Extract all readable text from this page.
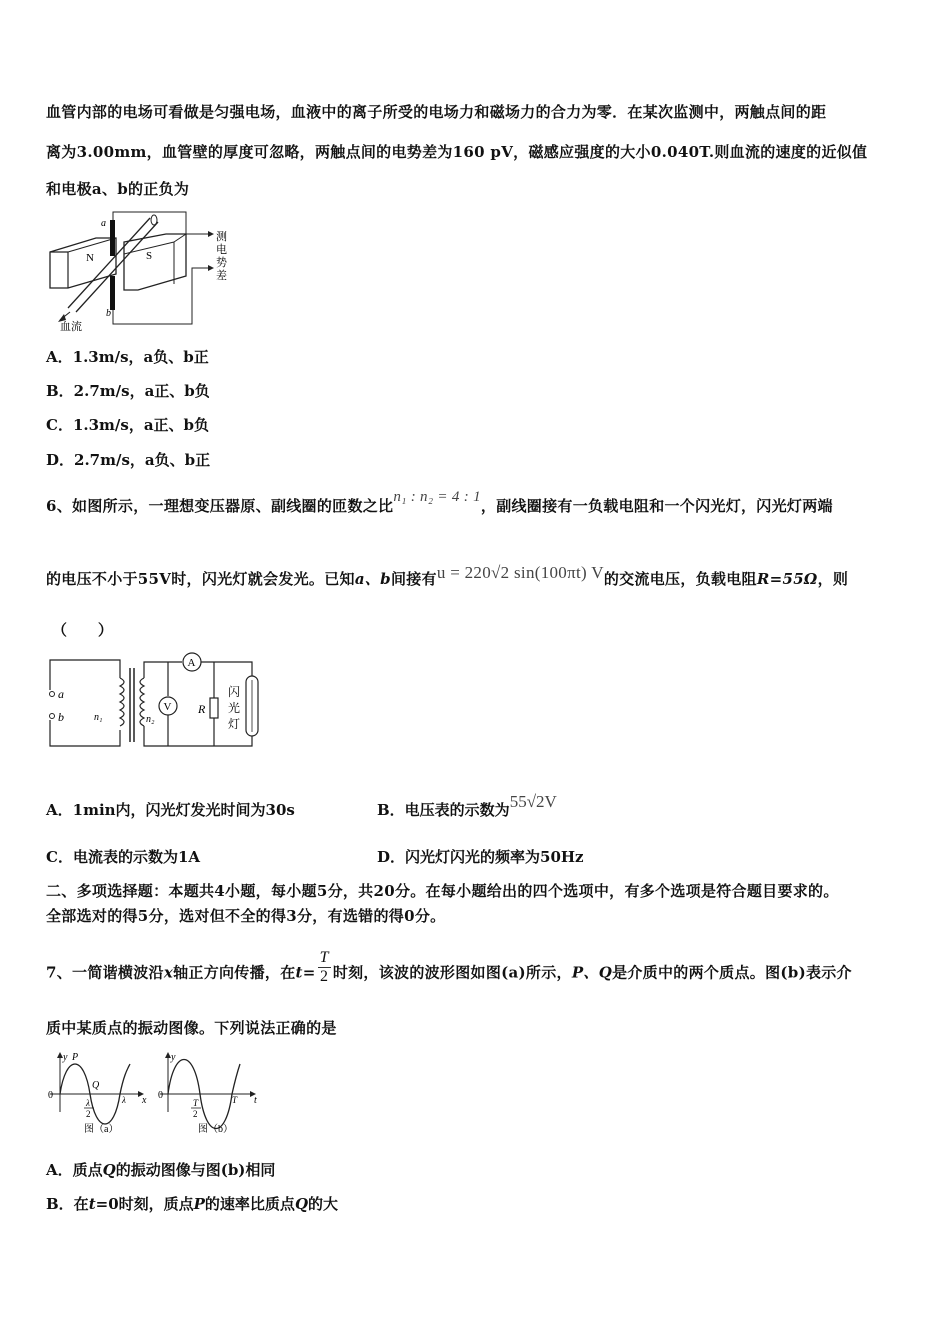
血管内部的电场可看做是匀强电场，血液中的离子所受的电场力和磁场力的合力为零．在某次监测中，两触点间的距
离为3.00mm，血管壁的厚度可忽略，两触点间的电势差为160 pV，磁感应强度的大小0.040T.则血流的速度的近似值
和电极a、b的正负为
N	S
a
b
血流
测
电
势
差
A．1.3m/s，a负、b正
B．2.7m/s，a正、b负
C．1.3m/s，a正、b负
D．2.7m/s，a负、b正
6、如图所示，一理想变压器原、副线圈的匝数之比n₁ : n₂ = 4 : 1，副线圈接有一负载电阻和一个闪光灯，闪光灯两端
的电压不小于55V时，闪光灯就会发光。已知a、b间接有u = 220√2 sin(100πt) V的交流电压，负载电阻R=55Ω，则
（　　）
a
b	n₁	n₂
A
V R
闪
光
灯
A．1min内，闪光灯发光时间为30s	B．电压表的示数为55√2V
C．电流表的示数为1A	D．闪光灯闪光的频率为50Hz
二、多项选择题：本题共4小题，每小题5分，共20分。在每小题给出的四个选项中，有多个选项是符合题目要求的。
全部选对的得5分，选对但不全的得3分，有选错的得0分。
7、一简谐横波沿x轴正方向传播，在$t= \frac{T}{2}$ 时刻，该波的波形图如图(a)所示，P、Q是介质中的两个质点。图(b)表示介
质中某质点的振动图像。下列说法正确的是
y P
Q
0
λ
2
λ x
图（a）
y
0
T
2
T t
图（b）
A．质点Q的振动图像与图(b)相同
B．在t=0时刻，质点P的速率比质点Q的大
